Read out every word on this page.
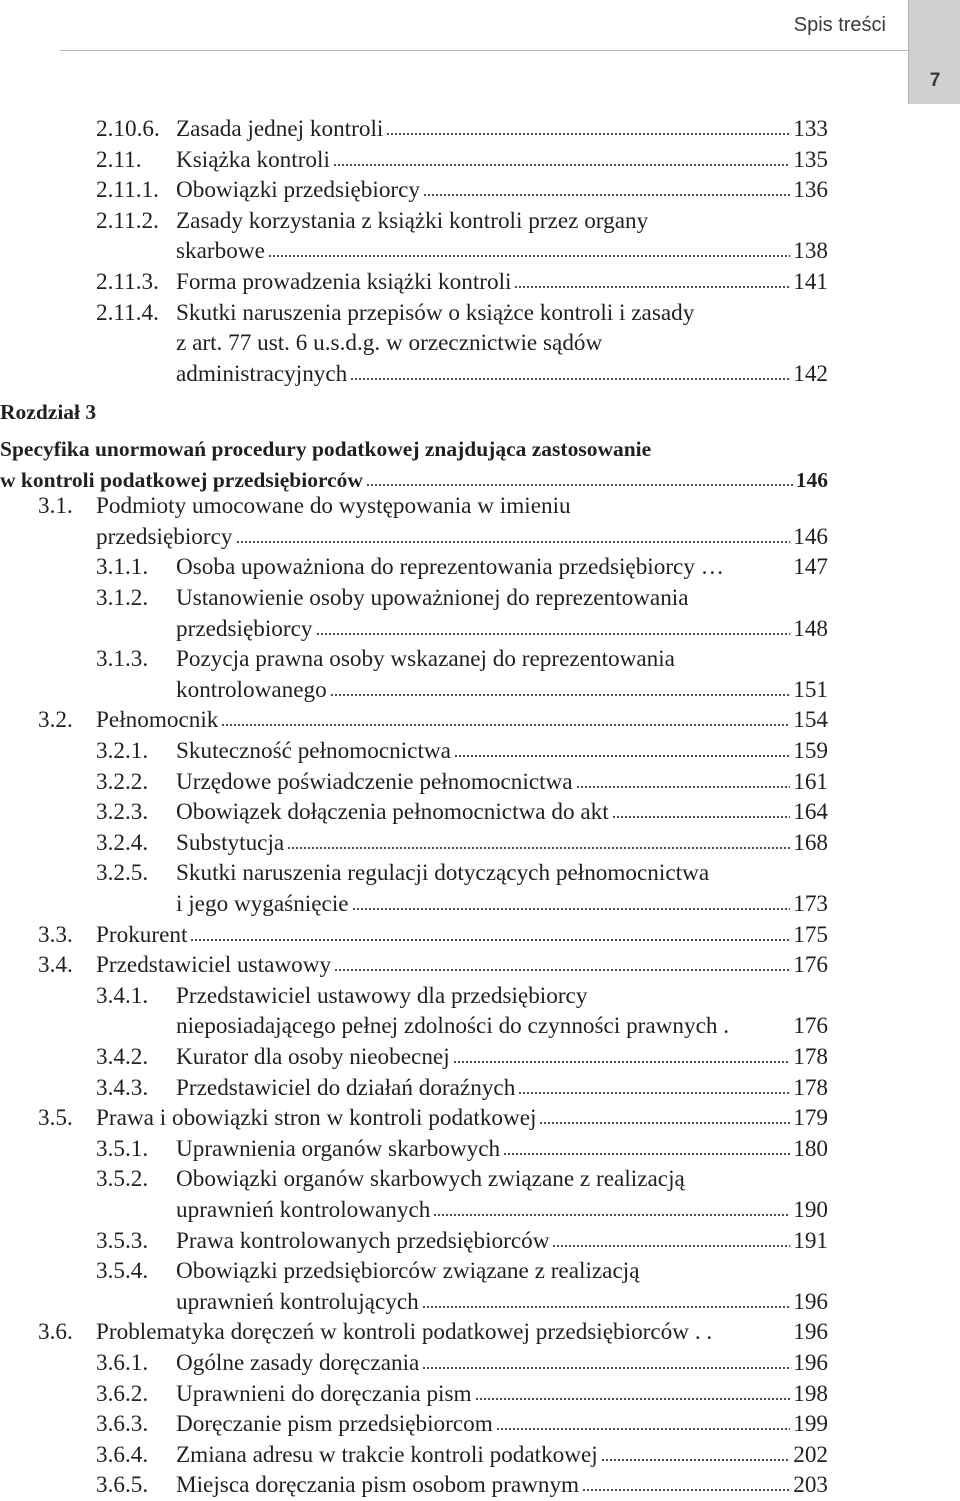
Spis treści
7
2.10.6. Zasada jednej kontroli	133
2.11. Książka kontroli	135
2.11.1. Obowiązki przedsiębiorcy	136
2.11.2. Zasady korzystania z książki kontroli przez organy
skarbowe	138
2.11.3. Forma prowadzenia książki kontroli	141
2.11.4. Skutki naruszenia przepisów o książce kontroli i zasady
z art. 77 ust. 6 u.s.d.g. w orzecznictwie sądów
administracyjnych	142
Rozdział 3
Specyfika unormowań procedury podatkowej znajdująca zastosowanie
w kontroli podatkowej przedsiębiorców	146
3.1. Podmioty umocowane do występowania w imieniu
przedsiębiorcy	146
3.1.1. Osoba upoważniona do reprezentowania przedsiębiorcy …	147
3.1.2. Ustanowienie osoby upoważnionej do reprezentowania
przedsiębiorcy	148
3.1.3. Pozycja prawna osoby wskazanej do reprezentowania
kontrolowanego	151
3.2. Pełnomocnik	154
3.2.1. Skuteczność pełnomocnictwa	159
3.2.2. Urzędowe poświadczenie pełnomocnictwa	161
3.2.3. Obowiązek dołączenia pełnomocnictwa do akt	164
3.2.4. Substytucja	168
3.2.5. Skutki naruszenia regulacji dotyczących pełnomocnictwa
i jego wygaśnięcie	173
3.3. Prokurent	175
3.4. Przedstawiciel ustawowy	176
3.4.1. Przedstawiciel ustawowy dla przedsiębiorcy
nieposiadającego pełnej zdolności do czynności prawnych .	176
3.4.2. Kurator dla osoby nieobecnej	178
3.4.3. Przedstawiciel do działań doraźnych	178
3.5. Prawa i obowiązki stron w kontroli podatkowej	179
3.5.1. Uprawnienia organów skarbowych	180
3.5.2. Obowiązki organów skarbowych związane z realizacją
uprawnień kontrolowanych	190
3.5.3. Prawa kontrolowanych przedsiębiorców	191
3.5.4. Obowiązki przedsiębiorców związane z realizacją
uprawnień kontrolujących	196
3.6. Problematyka doręczeń w kontroli podatkowej przedsiębiorców . .	196
3.6.1. Ogólne zasady doręczania	196
3.6.2. Uprawnieni do doręczania pism	198
3.6.3. Doręczanie pism przedsiębiorcom	199
3.6.4. Zmiana adresu w trakcie kontroli podatkowej	202
3.6.5. Miejsca doręczania pism osobom prawnym	203
